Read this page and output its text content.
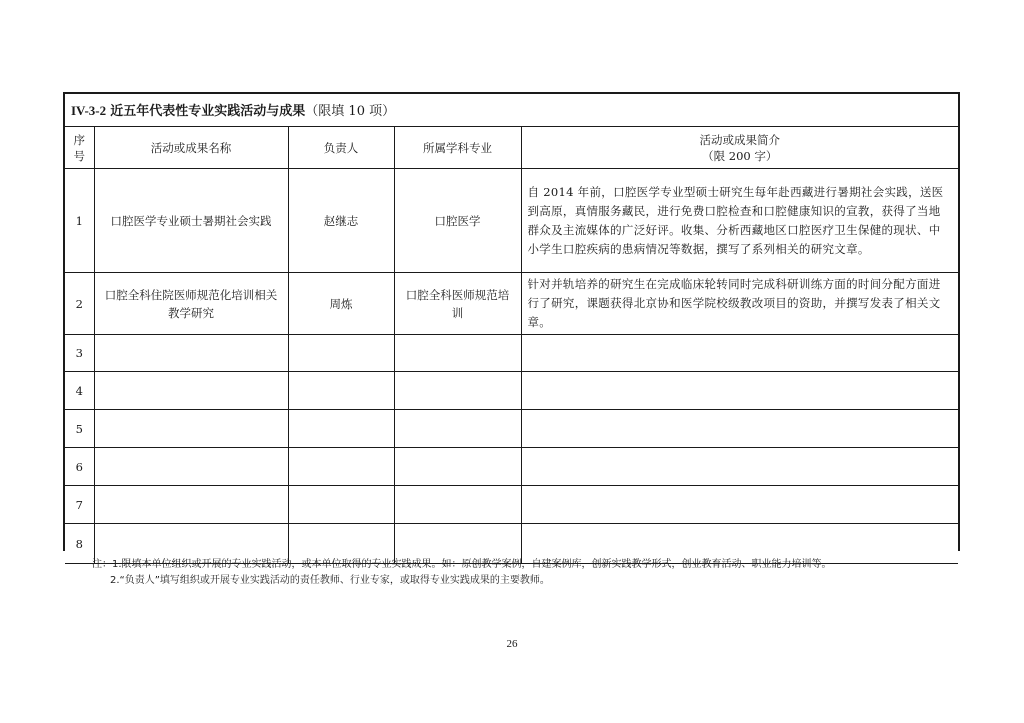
IV-3-2 近五年代表性专业实践活动与成果（限填 10 项）
序号	活动或成果名称	负责人	所属学科专业	活动或成果简介
（限 200 字）

1	口腔医学专业硕士暑期社会实践	赵继志	口腔医学	自 2014 年前，口腔医学专业型硕士研究生每年赴西藏进行暑期社会实践，送医到高原，真情服务藏民，进行免费口腔检查和口腔健康知识的宣教，获得了当地群众及主流媒体的广泛好评。收集、分析西藏地区口腔医疗卫生保健的现状、中小学生口腔疾病的患病情况等数据，撰写了系列相关的研究文章。
2	口腔全科住院医师规范化培训相关教学研究	周炼	口腔全科医师规范培训	针对并轨培养的研究生在完成临床轮转同时完成科研训练方面的时间分配方面进行了研究，课题获得北京协和医学院校级教改项目的资助，并撰写发表了相关文章。
3				
4				
5				
6				
7				
8				
注：1.限填本单位组织或开展的专业实践活动，或本单位取得的专业实践成果。如：原创教学案例，自建案例库，创新实践教学形式，创业教育活动、职业能力培训等。
2.“负责人”填写组织或开展专业实践活动的责任教师、行业专家，或取得专业实践成果的主要教师。
26
